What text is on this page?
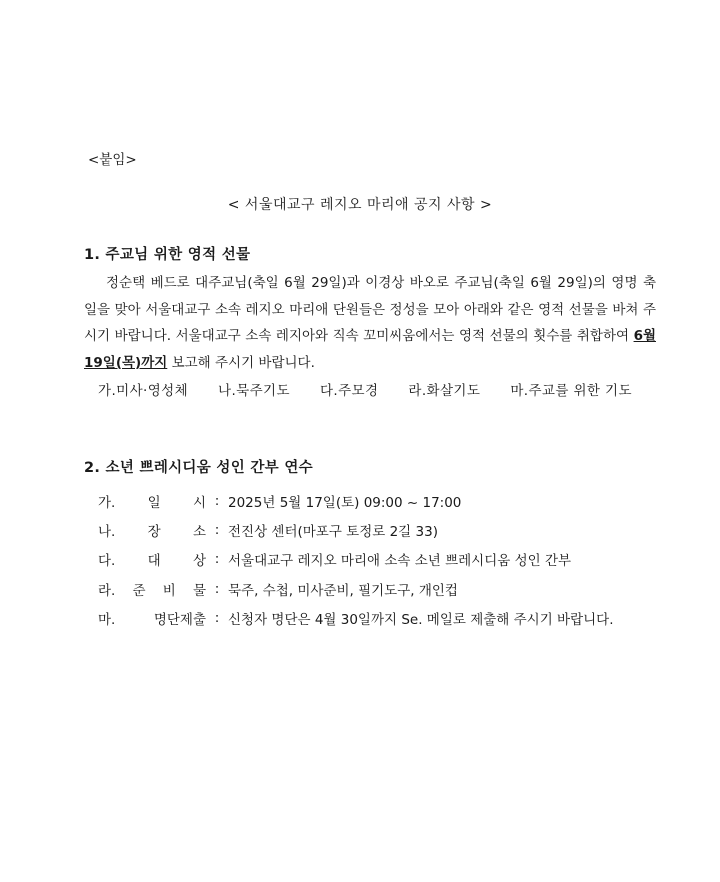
<붙임>
< 서울대교구 레지오 마리애 공지 사항 >
1. 주교님 위한 영적 선물
정순택 베드로 대주교님(축일 6월 29일)과 이경상 바오로 주교님(축일 6월 29일)의 영명 축일을 맞아 서울대교구 소속 레지오 마리애 단원들은 정성을 모아 아래와 같은 영적 선물을 바쳐 주시기 바랍니다. 서울대교구 소속 레지아와 직속 꼬미씨움에서는 영적 선물의 횟수를 취합하여 6월 19일(목)까지 보고해 주시기 바랍니다.
가.미사·영성체 나.묵주기도 다.주모경 라.화살기도 마.주교를 위한 기도
2. 소년 쁘레시디움 성인 간부 연수
가. 일 시 : 2025년 5월 17일(토) 09:00 ~ 17:00
나. 장 소 : 전진상 센터(마포구 토정로 2길 33)
다. 대 상 : 서울대교구 레지오 마리애 소속 소년 쁘레시디움 성인 간부
라. 준 비 물 : 묵주, 수첩, 미사준비, 필기도구, 개인컵
마.	명단제출 : 신청자 명단은 4월 30일까지 Se. 메일로 제출해 주시기 바랍니다.
